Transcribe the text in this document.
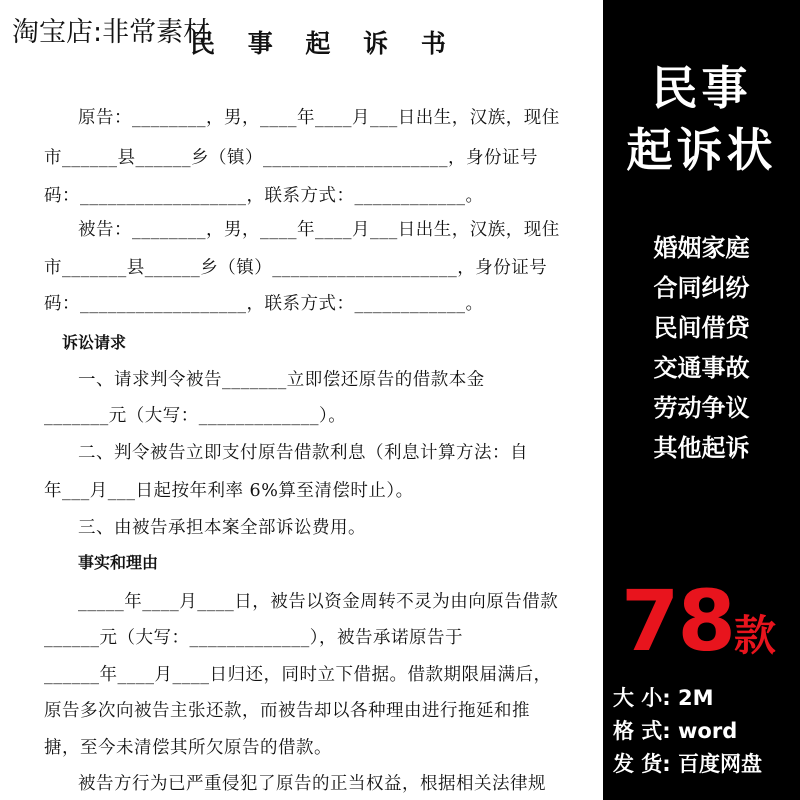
淘宝店:非常素材
民 事 起 诉 书
原告：________，男，____年____月___日出生，汉族，现住
市______县______乡（镇）____________________，身份证号
码：__________________，联系方式：____________。
被告：________，男，____年____月___日出生，汉族，现住
市_______县______乡（镇）____________________，身份证号
码：__________________，联系方式：____________。
诉讼请求
一、请求判令被告_______立即偿还原告的借款本金
_______元（大写：_____________）。
二、判令被告立即支付原告借款利息（利息计算方法：自
年___月___日起按年利率 6%算至清偿时止）。
三、由被告承担本案全部诉讼费用。
事实和理由
_____年____月____日，被告以资金周转不灵为由向原告借款
______元（大写：_____________），被告承诺原告于
______年____月____日归还，同时立下借据。借款期限届满后，
原告多次向被告主张还款，而被告却以各种理由进行拖延和推
搪，至今未清偿其所欠原告的借款。
被告方行为已严重侵犯了原告的正当权益，根据相关法律规
民事
起诉状
婚姻家庭
合同纠纷
民间借贷
交通事故
劳动争议
其他起诉
78款
大 小: 2M
格 式: word
发 货: 百度网盘
